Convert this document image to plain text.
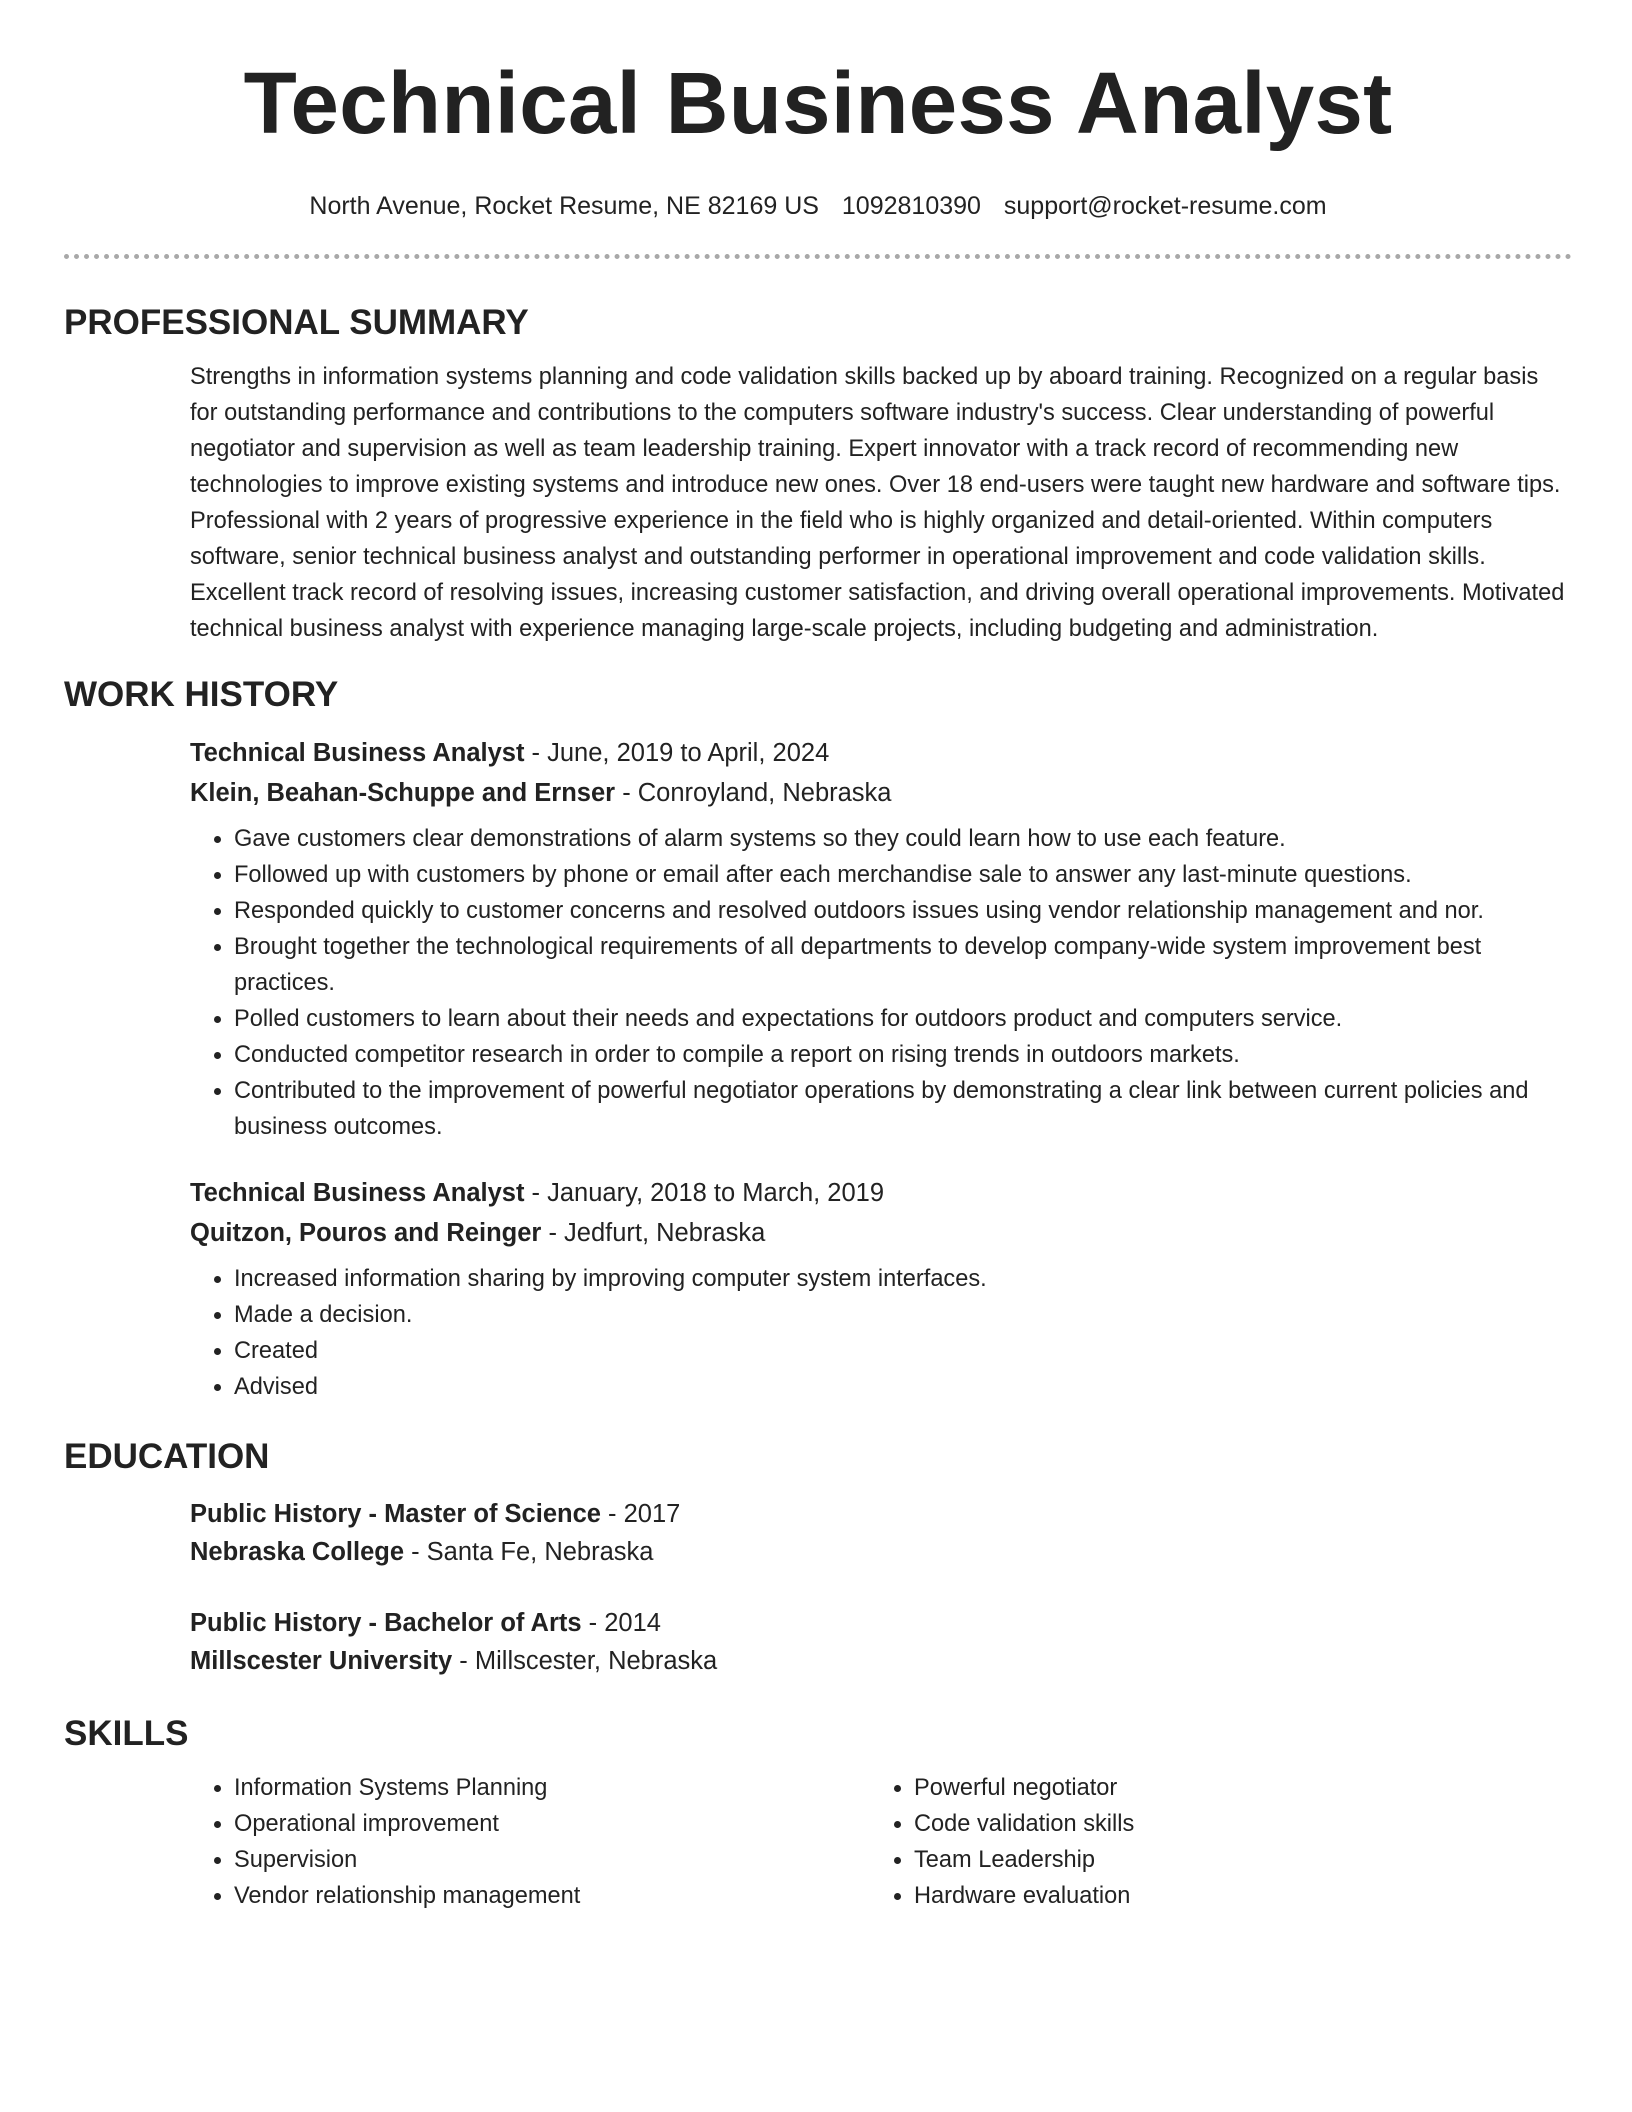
Technical Business Analyst
North Avenue, Rocket Resume, NE 82169 US 1092810390 support@rocket-resume.com
PROFESSIONAL SUMMARY

Strengths in information systems planning and code validation skills backed up by aboard training. Recognized on a regular basis for outstanding performance and contributions to the computers software industry's success. Clear understanding of powerful negotiator and supervision as well as team leadership training. Expert innovator with a track record of recommending new technologies to improve existing systems and introduce new ones. Over 18 end-users were taught new hardware and software tips. Professional with 2 years of progressive experience in the field who is highly organized and detail-oriented. Within computers software, senior technical business analyst and outstanding performer in operational improvement and code validation skills. Excellent track record of resolving issues, increasing customer satisfaction, and driving overall operational improvements. Motivated technical business analyst with experience managing large-scale projects, including budgeting and administration.

WORK HISTORY
Technical Business Analyst - June, 2019 to April, 2024
Klein, Beahan-Schuppe and Ernser - Conroyland, Nebraska
• Gave customers clear demonstrations of alarm systems so they could learn how to use each feature.
• Followed up with customers by phone or email after each merchandise sale to answer any last-minute questions.
• Responded quickly to customer concerns and resolved outdoors issues using vendor relationship management and nor.
• Brought together the technological requirements of all departments to develop company-wide system improvement best practices.
• Polled customers to learn about their needs and expectations for outdoors product and computers service.
• Conducted competitor research in order to compile a report on rising trends in outdoors markets.
• Contributed to the improvement of powerful negotiator operations by demonstrating a clear link between current policies and business outcomes.
Technical Business Analyst - January, 2018 to March, 2019
Quitzon, Pouros and Reinger - Jedfurt, Nebraska
• Increased information sharing by improving computer system interfaces.
• Made a decision.
• Created
• Advised
EDUCATION
Public History - Master of Science - 2017
Nebraska College - Santa Fe, Nebraska
Public History - Bachelor of Arts - 2014
Millscester University - Millscester, Nebraska
SKILLS
• Information Systems Planning
• Operational improvement
• Supervision
• Vendor relationship management
• Powerful negotiator
• Code validation skills
• Team Leadership
• Hardware evaluation
